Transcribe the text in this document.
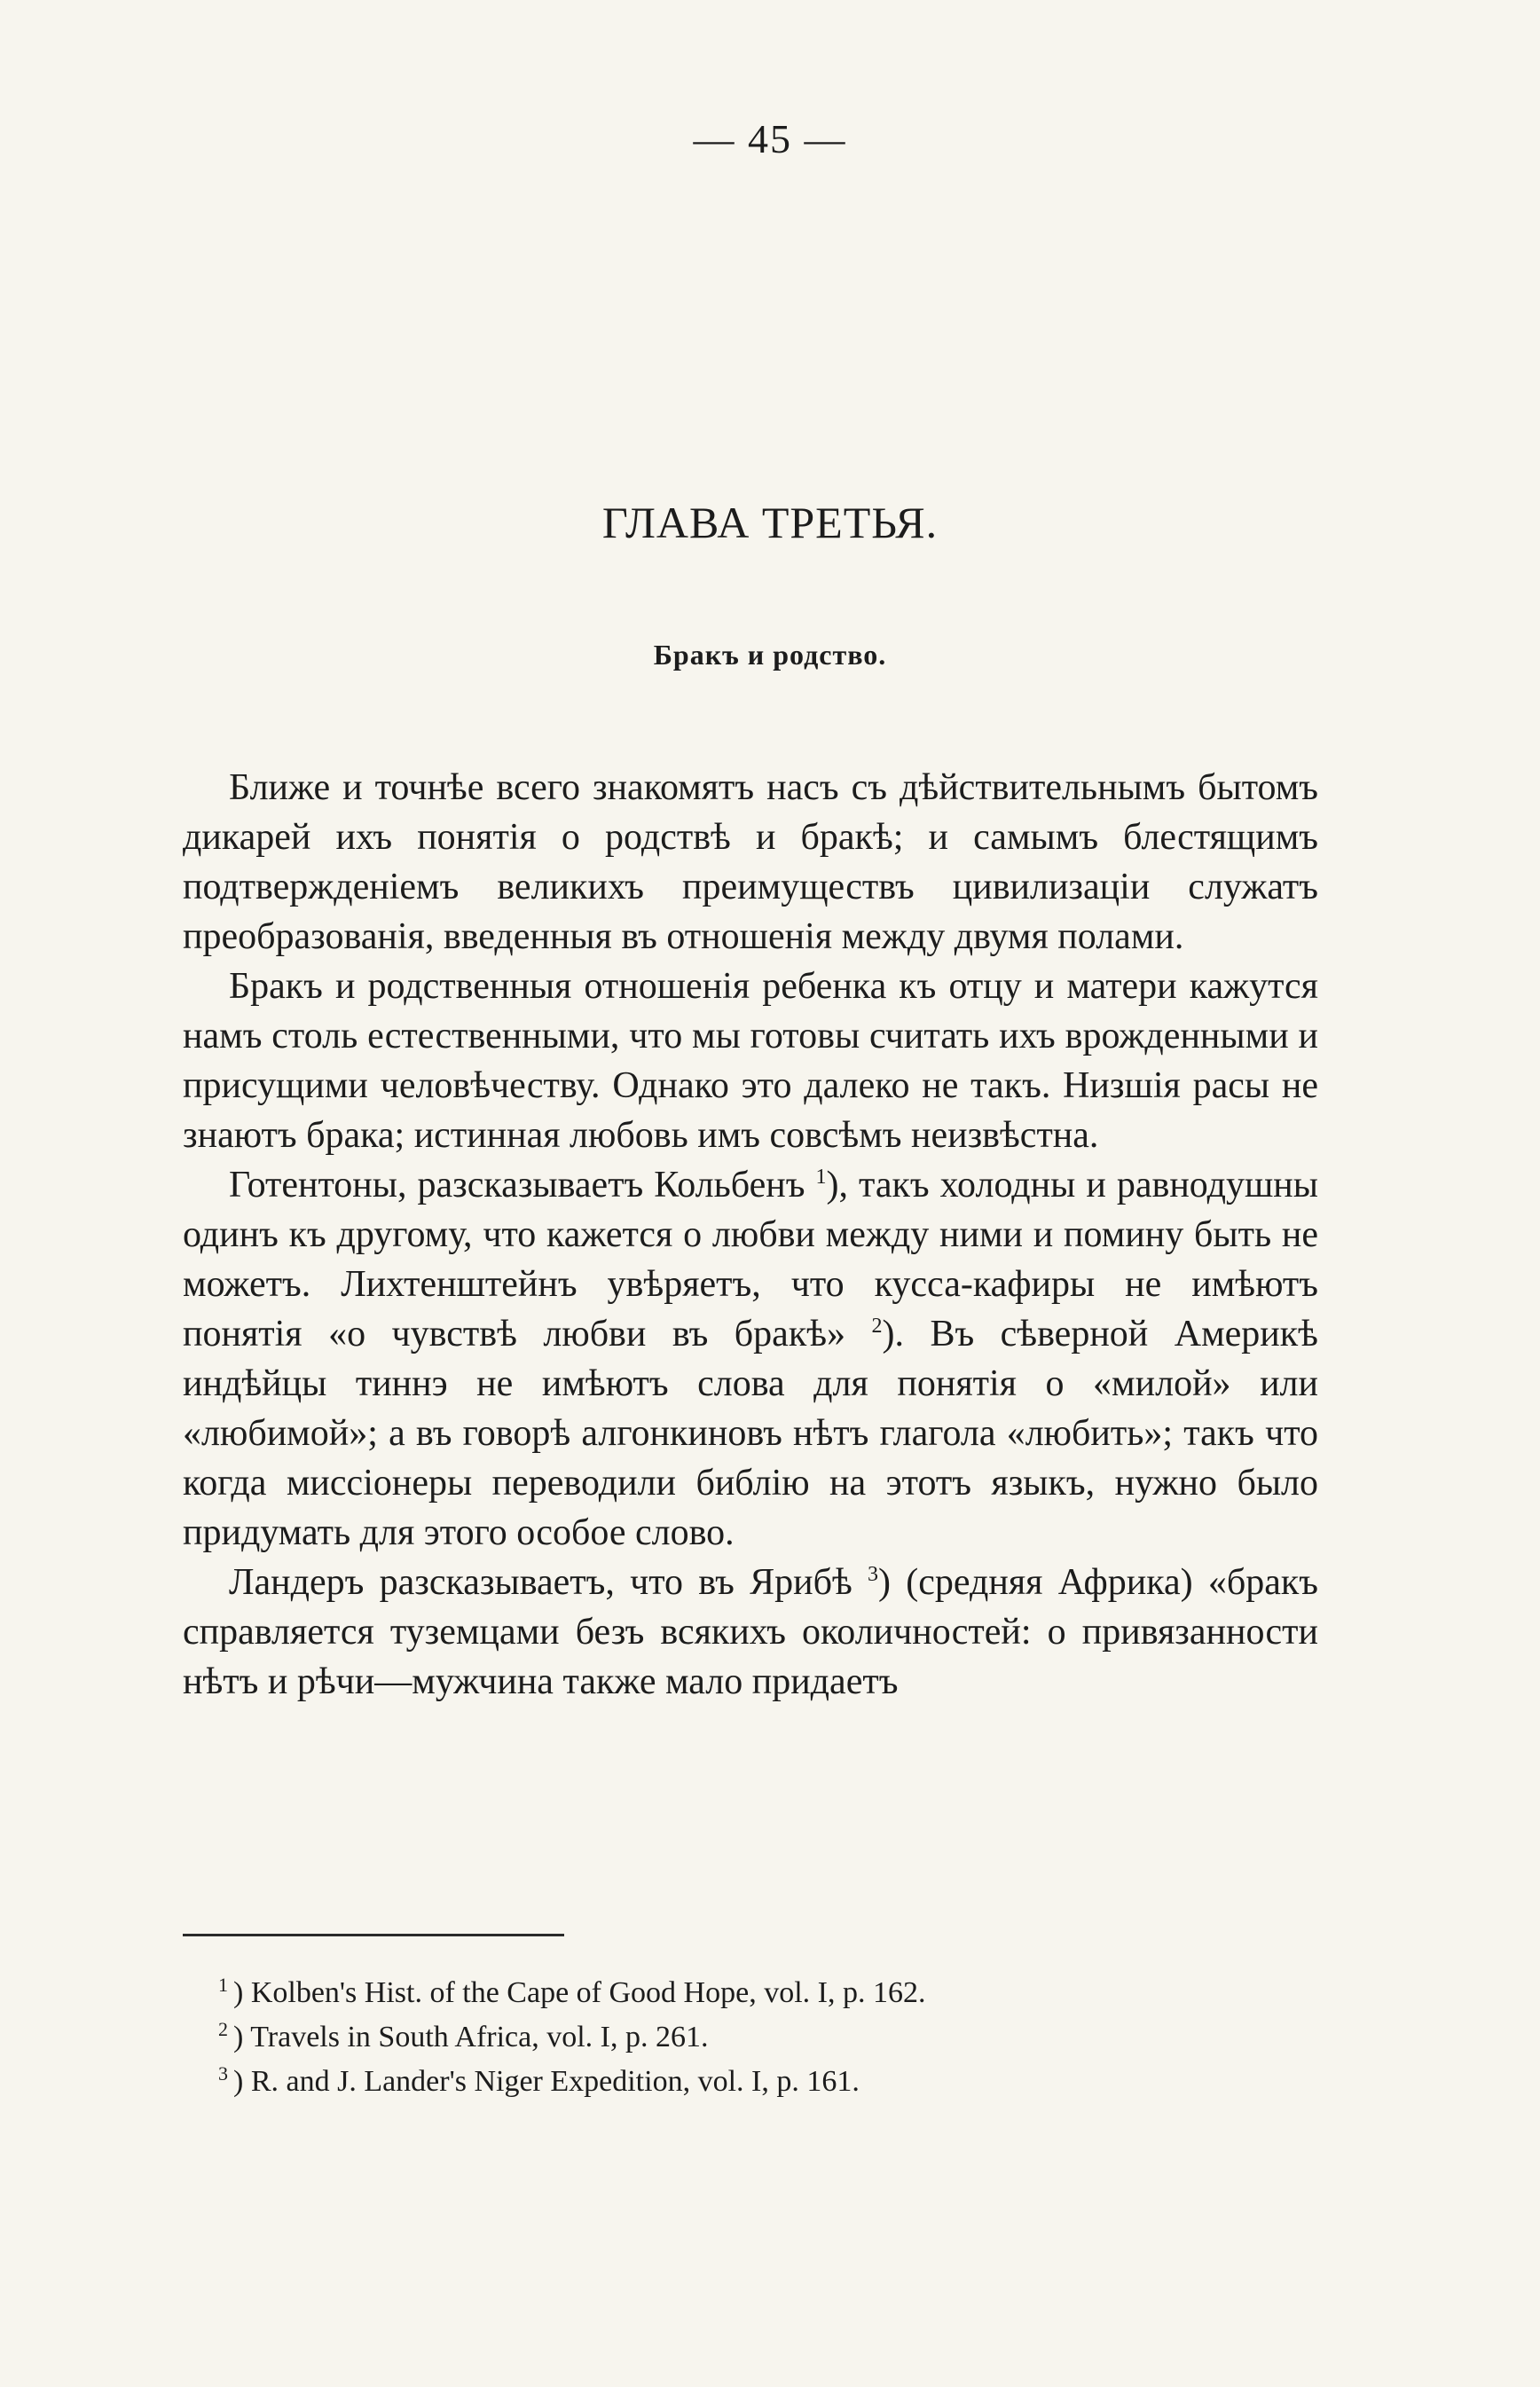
— 45 —
ГЛАВА ТРЕТЬЯ.
Бракъ и родство.

Ближе и точнѣе всего знакомятъ насъ съ дѣйствительнымъ бытомъ дикарей ихъ понятія о родствѣ и бракѣ; и самымъ блестящимъ подтвержденіемъ великихъ преимуществъ цивилизаціи служатъ преобразованія, введенныя въ отношенія между двумя полами.

Бракъ и родственныя отношенія ребенка къ отцу и матери кажутся намъ столь естественными, что мы готовы считать ихъ врожденными и присущими человѣчеству. Однако это далеко не такъ. Низшія расы не знаютъ брака; истинная любовь имъ совсѣмъ неизвѣстна.

Готентоны, разсказываетъ Кольбенъ $^1$), такъ холодны и равнодушны одинъ къ другому, что кажется о любви между ними и помину быть не можетъ. Лихтенштейнъ увѣряетъ, что кусса-кафиры не имѣютъ понятія «о чувствѣ любви въ бракѣ» $^2$). Въ сѣверной Америкѣ индѣйцы тиннэ не имѣютъ слова для понятія о «милой» или «любимой»; а въ говорѣ алгонкиновъ нѣтъ глагола «любить»; такъ что когда миссіонеры переводили библію на этотъ языкъ, нужно было придумать для этого особое слово.

Ландеръ разсказываетъ, что въ Ярибѣ $^3$) (средняя Африка) «бракъ справляется туземцами безъ всякихъ околичностей: о привязанности нѣтъ и рѣчи—мужчина также мало придаетъ

$^1$ ) Kolben's Hist. of the Cape of Good Hope, vol. I, p. 162.
$^2$ ) Travels in South Africa, vol. I, p. 261.
$^3$ ) R. and J. Lander's Niger Expedition, vol. I, p. 161.
